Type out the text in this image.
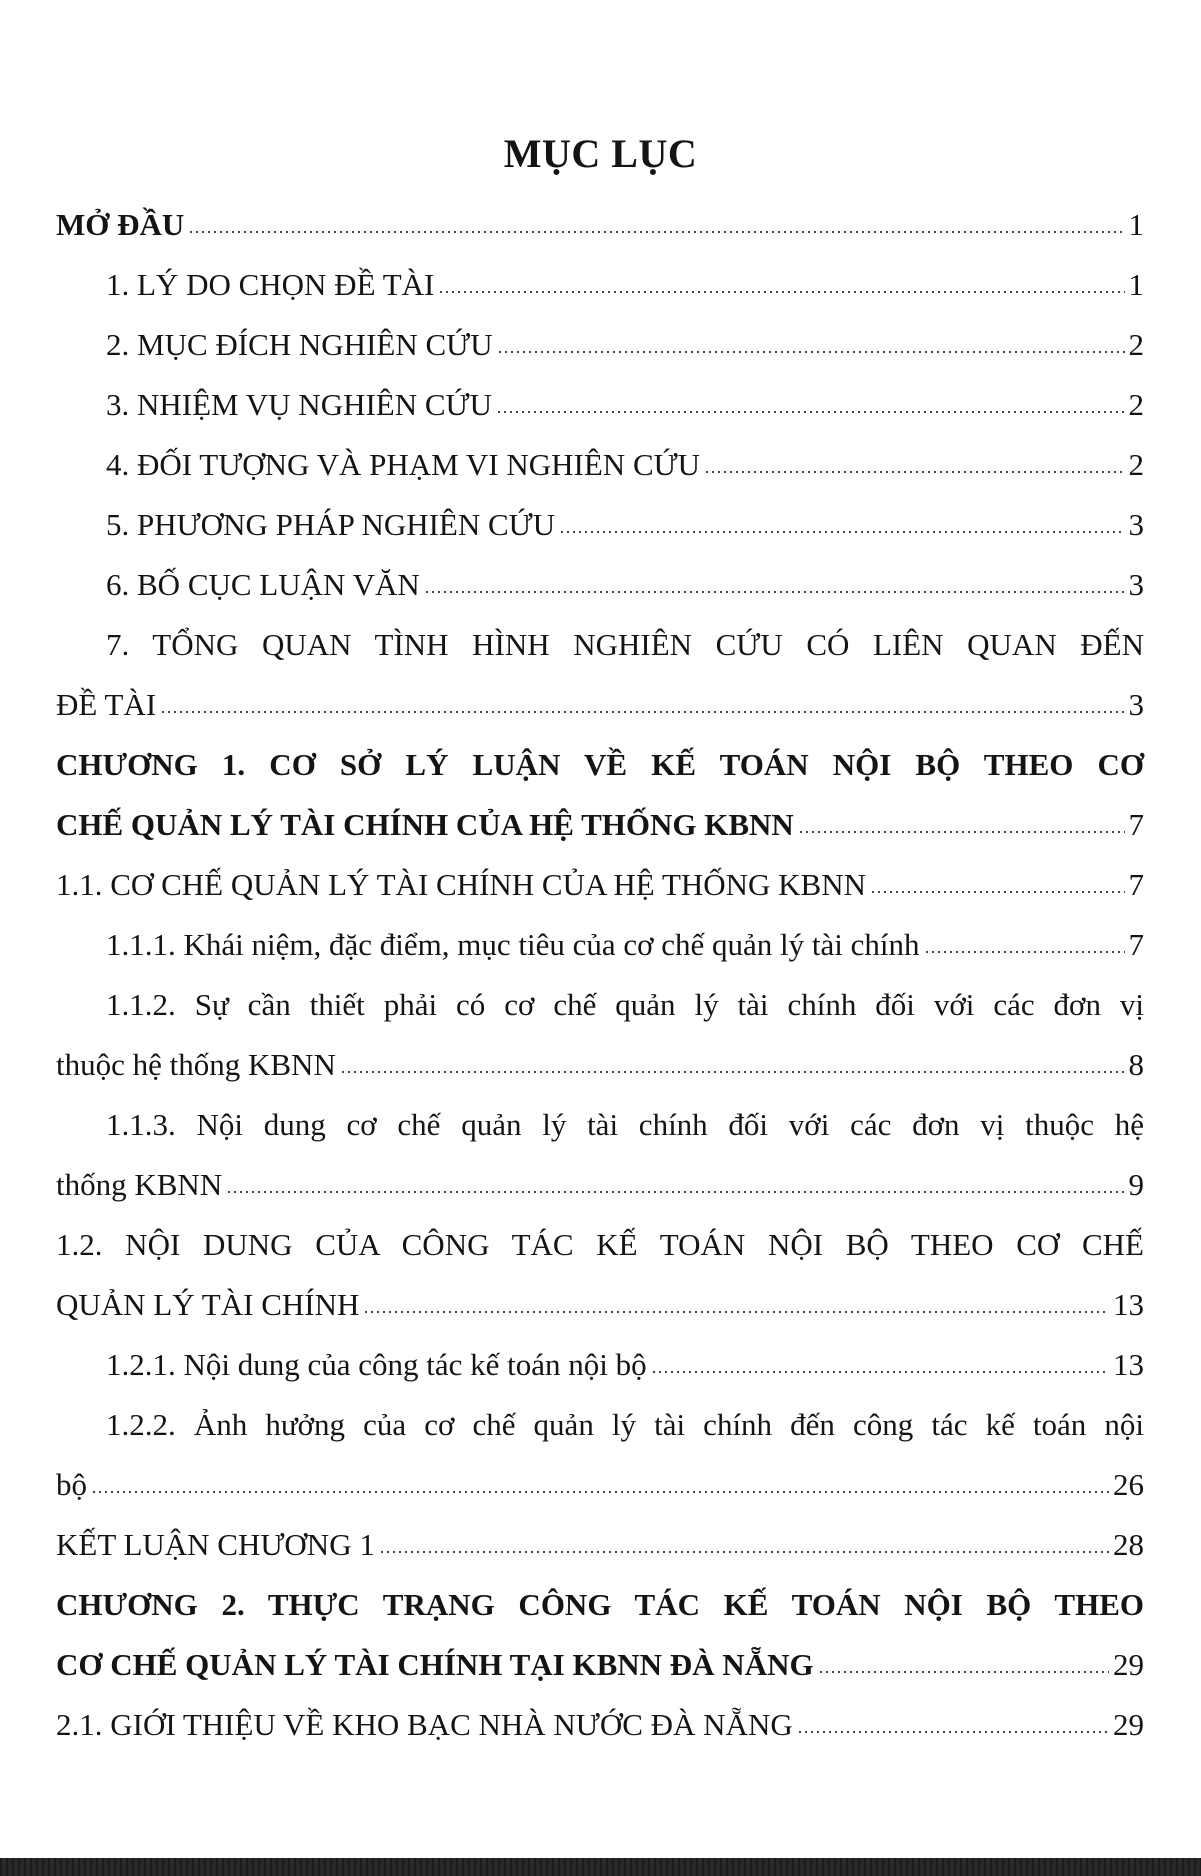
MỤC LỤC
MỞ ĐẦU	1
1. LÝ DO CHỌN ĐỀ TÀI	1
2. MỤC ĐÍCH NGHIÊN CỨU	2
3. NHIỆM VỤ NGHIÊN CỨU	2
4. ĐỐI TƯỢNG VÀ PHẠM VI NGHIÊN CỨU	2
5. PHƯƠNG PHÁP NGHIÊN CỨU	3
6. BỐ CỤC LUẬN VĂN	3
7. TỔNG QUAN TÌNH HÌNH NGHIÊN CỨU CÓ LIÊN QUAN ĐẾN
ĐỀ TÀI	3
CHƯƠNG 1. CƠ SỞ LÝ LUẬN VỀ KẾ TOÁN NỘI BỘ THEO CƠ
CHẾ QUẢN LÝ TÀI CHÍNH CỦA HỆ THỐNG KBNN	7
1.1. CƠ CHẾ QUẢN LÝ TÀI CHÍNH CỦA HỆ THỐNG KBNN	7
1.1.1. Khái niệm, đặc điểm, mục tiêu của cơ chế quản lý tài chính	7
1.1.2. Sự cần thiết phải có cơ chế quản lý tài chính đối với các đơn vị
thuộc hệ thống KBNN	8
1.1.3. Nội dung cơ chế quản lý tài chính đối với các đơn vị thuộc hệ
thống KBNN	9
1.2. NỘI DUNG CỦA CÔNG TÁC KẾ TOÁN NỘI BỘ THEO CƠ CHẾ
QUẢN LÝ TÀI CHÍNH	13
1.2.1. Nội dung của công tác kế toán nội bộ	13
1.2.2. Ảnh hưởng của cơ chế quản lý tài chính đến công tác kế toán nội
bộ	26
KẾT LUẬN CHƯƠNG 1	28
CHƯƠNG 2. THỰC TRẠNG CÔNG TÁC KẾ TOÁN NỘI BỘ THEO
CƠ CHẾ QUẢN LÝ TÀI CHÍNH TẠI KBNN ĐÀ NẴNG	29
2.1. GIỚI THIỆU VỀ KHO BẠC NHÀ NƯỚC ĐÀ NẴNG	29
